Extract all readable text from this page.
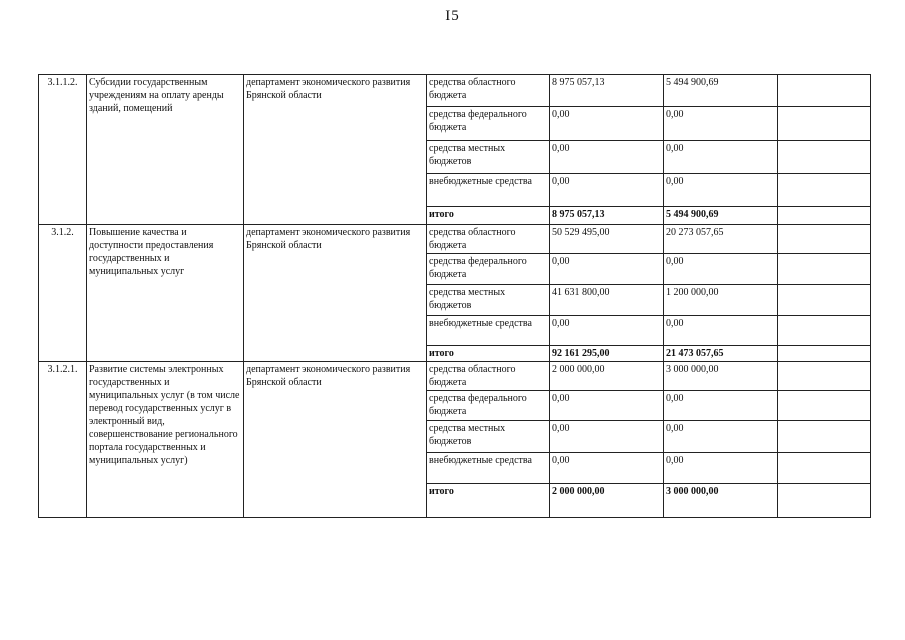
I5
3.1.1.2.	Субсидии государственным учреждениям на оплату аренды зданий, помещений	департамент экономического развития Брянской области	средства областного бюджета	8 975 057,13	5 494 900,69	
			средства федерального бюджета	0,00	0,00	
			средства местных бюджетов	0,00	0,00	
			внебюджетные средства	0,00	0,00	
			итого	8 975 057,13	5 494 900,69	
3.1.2.	Повышение качества и доступности предоставления государственных и муниципальных услуг	департамент экономического развития Брянской области	средства областного бюджета	50 529 495,00	20 273 057,65	
			средства федерального бюджета	0,00	0,00	
			средства местных бюджетов	41 631 800,00	1 200 000,00	
			внебюджетные средства	0,00	0,00	
			итого	92 161 295,00	21 473 057,65	
3.1.2.1.	Развитие системы электронных государственных и муниципальных услуг (в том числе перевод государственных услуг в электронный вид, совершенствование регионального портала государственных и муниципальных услуг)	департамент экономического развития Брянской области	средства областного бюджета	2 000 000,00	3 000 000,00	
			средства федерального бюджета	0,00	0,00	
			средства местных бюджетов	0,00	0,00	
			внебюджетные средства	0,00	0,00	
			итого	2 000 000,00	3 000 000,00	
